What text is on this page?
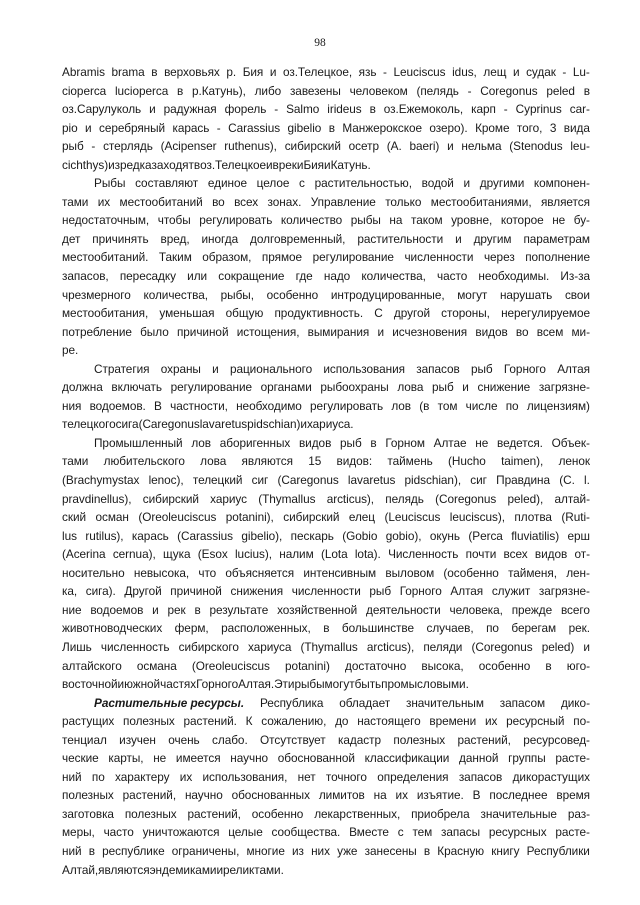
98
Abramis brama в верховьях р. Бия и оз.Телецкое, язь - Leuciscus idus, лещ и судак - Lu-
cioperca lucioperca в р.Катунь), либо завезены человеком (пелядь - Coregonus peled в
оз.Сарулуколь и радужная форель - Salmo irideus в оз.Ежемоколь, карп - Cyprinus car-
pio и серебряный карась - Carassius gibelio в Манжерокское озеро). Кроме того, 3 вида
рыб - стерлядь (Acipenser ruthenus), сибирский осетр (A. baeri) и нельма (Stenodus leu-
cichthys) изредка заходят в оз.Телецкое и в реки Бия и Катунь.
Рыбы составляют единое целое с растительностью, водой и другими компонен-
тами их местообитаний во всех зонах. Управление только местообитаниями, является
недостаточным, чтобы регулировать количество рыбы на таком уровне, которое не бу-
дет причинять вред, иногда долговременный, растительности и другим параметрам
местообитаний. Таким образом, прямое регулирование численности через пополнение
запасов, пересадку или сокращение где надо количества, часто необходимы. Из-за
чрезмерного количества, рыбы, особенно интродуцированные, могут нарушать свои
местообитания, уменьшая общую продуктивность. С другой стороны, нерегулируемое
потребление было причиной истощения, вымирания и исчезновения видов во всем ми-
ре.
Стратегия охраны и рационального использования запасов рыб Горного Алтая
должна включать регулирование органами рыбоохраны лова рыб и снижение загрязне-
ния водоемов. В частности, необходимо регулировать лов (в том числе по лицензиям)
телецкого сига (Caregonus lavaretus pidschian) и хариуса.
Промышленный лов аборигенных видов рыб в Горном Алтае не ведется. Объек-
тами любительского лова являются 15 видов: таймень (Hucho taimen), ленок
(Brachymystax lenoc), телецкий сиг (Caregonus lavaretus pidschian), сиг Правдина (C. l.
pravdinellus), сибирский хариус (Thymallus arcticus), пелядь (Coregonus peled), алтай-
ский осман (Oreoleuciscus potanini), сибирский елец (Leuciscus leuciscus), плотва (Ruti-
lus rutilus), карась (Carassius gibelio), пескарь (Gobio gobio), окунь (Perca fluviatilis) ерш
(Acerina cernua), щука (Esox lucius), налим (Lota lota). Численность почти всех видов от-
носительно невысока, что объясняется интенсивным выловом (особенно тайменя, лен-
ка, сига). Другой причиной снижения численности рыб Горного Алтая служит загрязне-
ние водоемов и рек в результате хозяйственной деятельности человека, прежде всего
животноводческих ферм, расположенных, в большинстве случаев, по берегам рек.
Лишь численность сибирского хариуса (Thymallus arcticus), пеляди (Coregonus peled) и
алтайского османа (Oreoleuciscus potanini) достаточно высока, особенно в юго-
восточной и южной частях Горного Алтая. Эти рыбы могут быть промысловыми.
Растительные ресурсы. Республика обладает значительным запасом дико-
растущих полезных растений. К сожалению, до настоящего времени их ресурсный по-
тенциал изучен очень слабо. Отсутствует кадастр полезных растений, ресурсовед-
ческие карты, не имеется научно обоснованной классификации данной группы расте-
ний по характеру их использования, нет точного определения запасов дикорастущих
полезных растений, научно обоснованных лимитов на их изъятие. В последнее время
заготовка полезных растений, особенно лекарственных, приобрела значительные раз-
меры, часто уничтожаются целые сообщества. Вместе с тем запасы ресурсных расте-
ний в республике ограничены, многие из них уже занесены в Красную книгу Республики
Алтай, являются эндемиками и реликтами.
